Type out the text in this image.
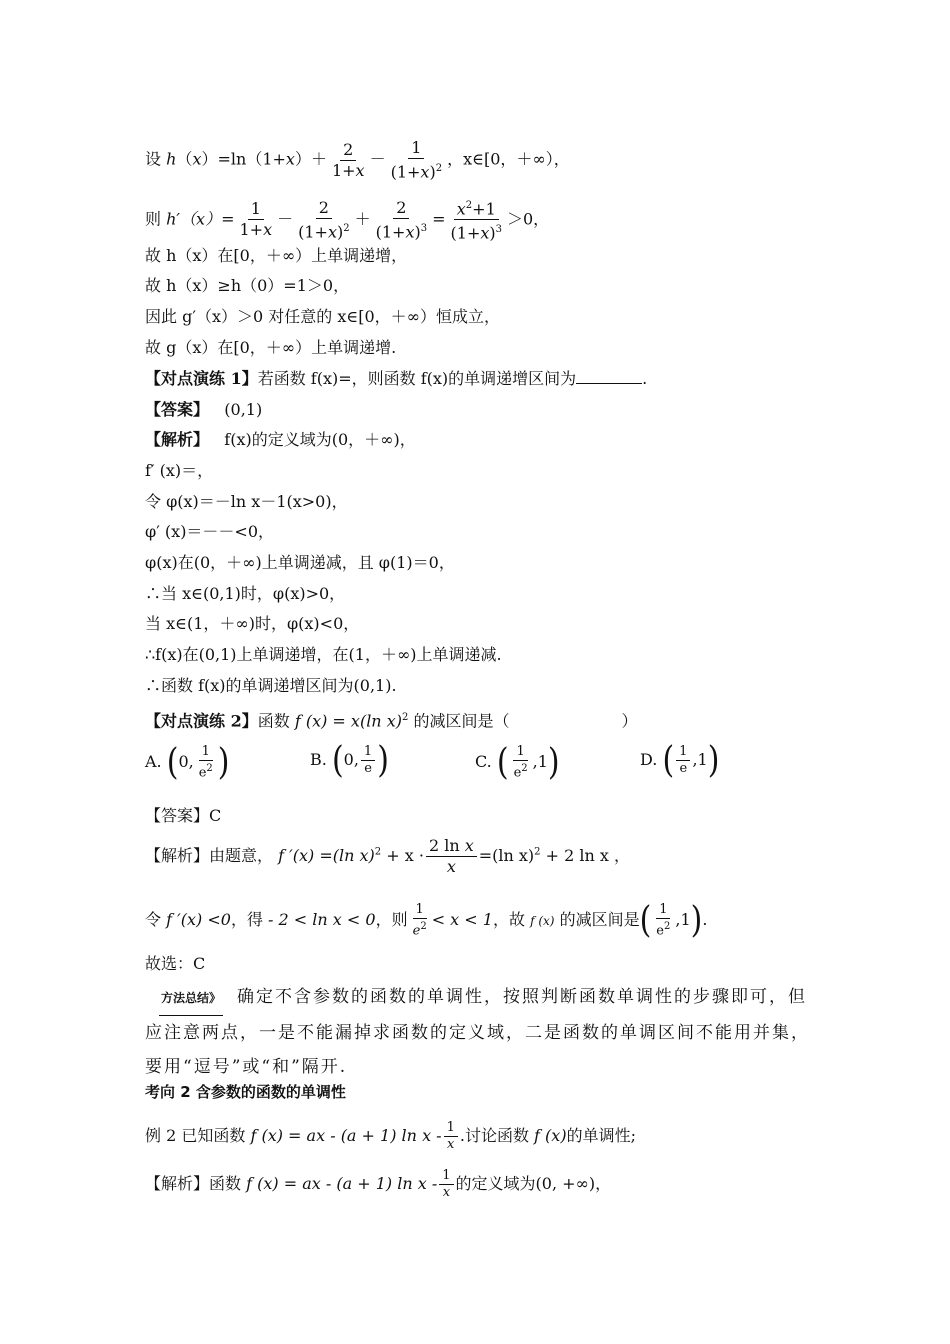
设 $h(x)=\ln(1+x)+ \frac{2}{1+x} - \frac{1}{(1+x)^2}$ ，x∈[0，＋∞），
则 $h'(x)= \frac{1}{1+x} - \frac{2}{(1+x)^2} + \frac{2}{(1+x)^3} = \frac{x^2+1}{(1+x)^3} >0$，
故 h（x）在[0，＋∞）上单调递增，
故 h（x）≥h（0）=1＞0，
因此 g′（x）＞0 对任意的 x∈[0，＋∞）恒成立，
故 g（x）在[0，＋∞）上单调递增.
【对点演练 1】若函数 f(x)=，则函数 f(x)的单调递增区间为	.
【答案】 (0,1)
【解析】 f(x)的定义域为(0，＋∞)，
f′ (x)＝，
令 φ(x)＝－ln x－1(x>0)，
φ′ (x)＝－－<0，
φ(x)在(0，＋∞)上单调递减，且 φ(1)＝0，
∴当 x∈(0,1)时，φ(x)>0，
当 x∈(1，＋∞)时，φ(x)<0，
∴f(x)在(0,1)上单调递增，在(1，＋∞)上单调递减.
∴函数 f(x)的单调递增区间为(0,1).
【对点演练 2】函数 f (x) = x(ln x)$^2$ 的减区间是（	）
A. (0, $\frac{1}{e^2}$ )	B. (0, $\frac{1}{e}$ )	C. ( $\frac{1}{e^2} ,1$)	D. ( $\frac{1}{e} ,1$)
【答案】C
【解析】由题意， f ′(x) =(ln $x)^2 + x \cdot \frac{\text{2 ln x}}{x} =(\ln$ x)$^2$ + 2 ln x ，
令 f ′(x) <0，得 - 2 < ln x < 0，则 $\frac{1}{e^2} < x < 1$，故 f (x) 的减区间是( $\frac{1}{e^2} ,1$).
故选：C
方法总结》 确定不含参数的函数的单调性，按照判断函数单调性的步骤即可，但应注意两点，一是不能漏掉求函数的定义域，二是函数的单调区间不能用并集，要用“逗号”或“和”隔开.
考向 2 含参数的函数的单调性
例 2 已知函数 f (x) = ax - (a + 1) ln x - $\frac{1}{x}$ .讨论函数 f (x)的单调性;
【解析】函数 f (x) = ax - (a + 1) ln x - $\frac{1}{x}$ 的定义域为(0, +∞)，
